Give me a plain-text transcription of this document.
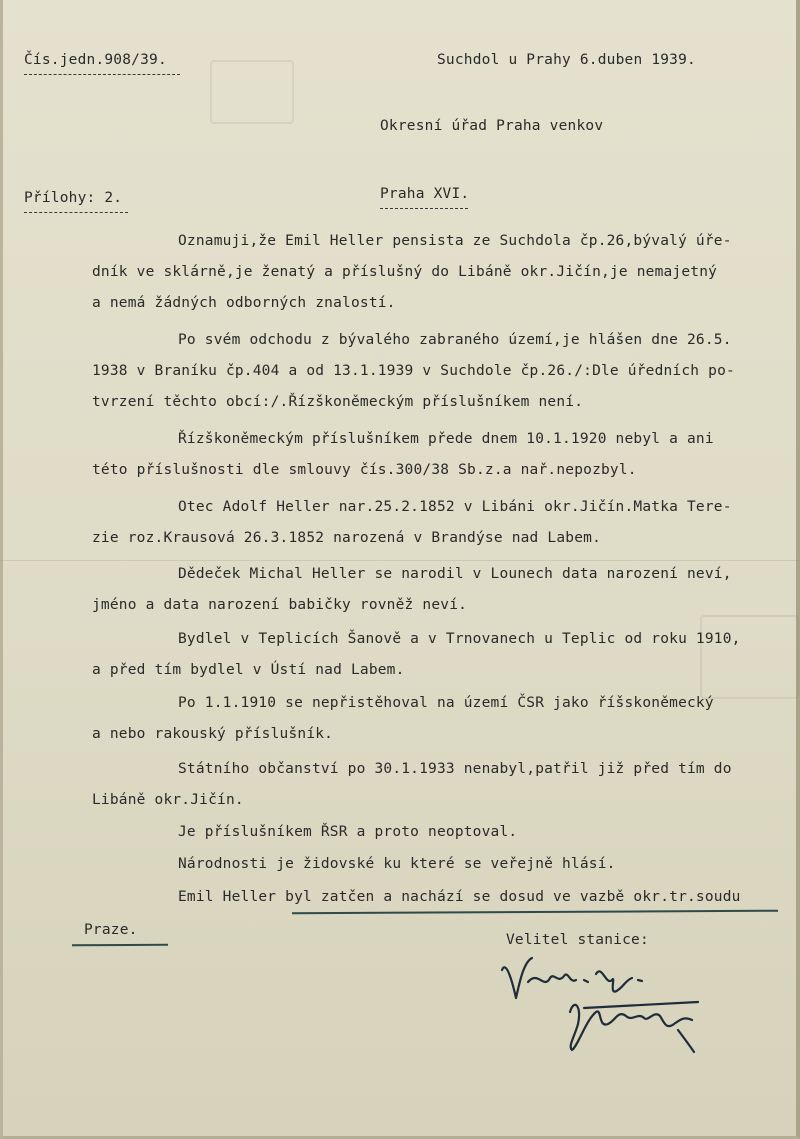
Čís.jedn.908/39.	Suchdol u Prahy 6.duben 1939.
Okresní úřad Praha venkov
Přílohy: 2.	Praha XVI.
Oznamuji,že Emil Heller pensista ze Suchdola čp.26,bývalý úře-
dník ve sklárně,je ženatý a příslušný do Libáně okr.Jičín,je nemajetný
a nemá žádných odborných znalostí.
Po svém odchodu z bývalého zabraného území,je hlášen dne 26.5.
1938 v Braníku čp.404 a od 13.1.1939 v Suchdole čp.26./:Dle úředních po-
tvrzení těchto obcí:/.Řízškoněmeckým příslušníkem není.
Řízškoněmeckým příslušníkem přede dnem 10.1.1920 nebyl a ani
této příslušnosti dle smlouvy čís.300/38 Sb.z.a nař.nepozbyl.
Otec Adolf Heller nar.25.2.1852 v Libáni okr.Jičín.Matka Tere-
zie roz.Krausová 26.3.1852 narozená v Brandýse nad Labem.
Dědeček Michal Heller se narodil v Lounech data narození neví,
jméno a data narození babičky rovněž neví.
Bydlel v Teplicích Šanově a v Trnovanech u Teplic od roku 1910,
a před tím bydlel v Ústí nad Labem.
Po 1.1.1910 se nepřistěhoval na území ČSR jako říšskoněmecký
a nebo rakouský příslušník.
Státního občanství po 30.1.1933 nenabyl,patřil již před tím do
Libáně okr.Jičín.
Je příslušníkem ŘSR a proto neoptoval.
Národnosti je židovské ku které se veřejně hlásí.
Emil Heller byl zatčen a nachází se dosud ve vazbě okr.tr.soudu
Praze.
Velitel stanice:
